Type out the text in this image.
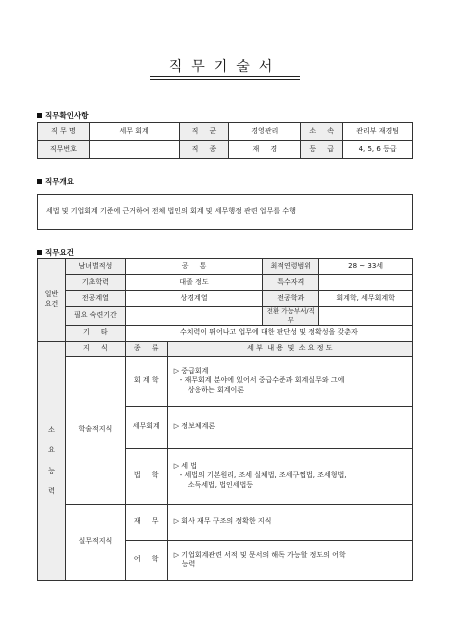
직무기술서
직무확인사항
직 무 명	세무 회계	직     군	경영관리	소     속	관리부 재경팀
직무번호		직     종	재     경	등     급	4, 5, 6 등급
직무개요
세법 및 기업회계 기준에 근거하여 전체 법인의 회계 및 세무행정 관련 업무를 수행
직무요건
일반
요건	남녀별적성	공     통		최적연령범위	28 ~ 33세
	기초학력	대졸 정도		특수자격	
	전공계열	상경계열		전공학과	회계학, 세무회계학
	필요 숙련기간			전환 가능부서/직무	
	기     타	수치력이 뛰어나고 업무에 대한 판단성 및 정확성을 갖춘자			

소
요
능
력	지     식	종     류	세 부  내 용  및  소 요 정 도		
	학술적지식	회 계 학	▷ 중급회계
- 재무회계 분야에 있어서 중급수준과 회계실무와 그에
상응하는 회계이론		

		세무회계	▷ 정보체계론		

		법     학	▷ 세 법
- 세법의 기본원리, 조세 실체법, 조세구쩝법, 조세형법,
소득세법, 법인세법등		

	실무적지식	재     무	▷ 회사 재무 구조의 정확한 지식		

		어     학	▷ 기업회계관련 서적 및 문서의 해독 가능할 정도의 어학
능력		
